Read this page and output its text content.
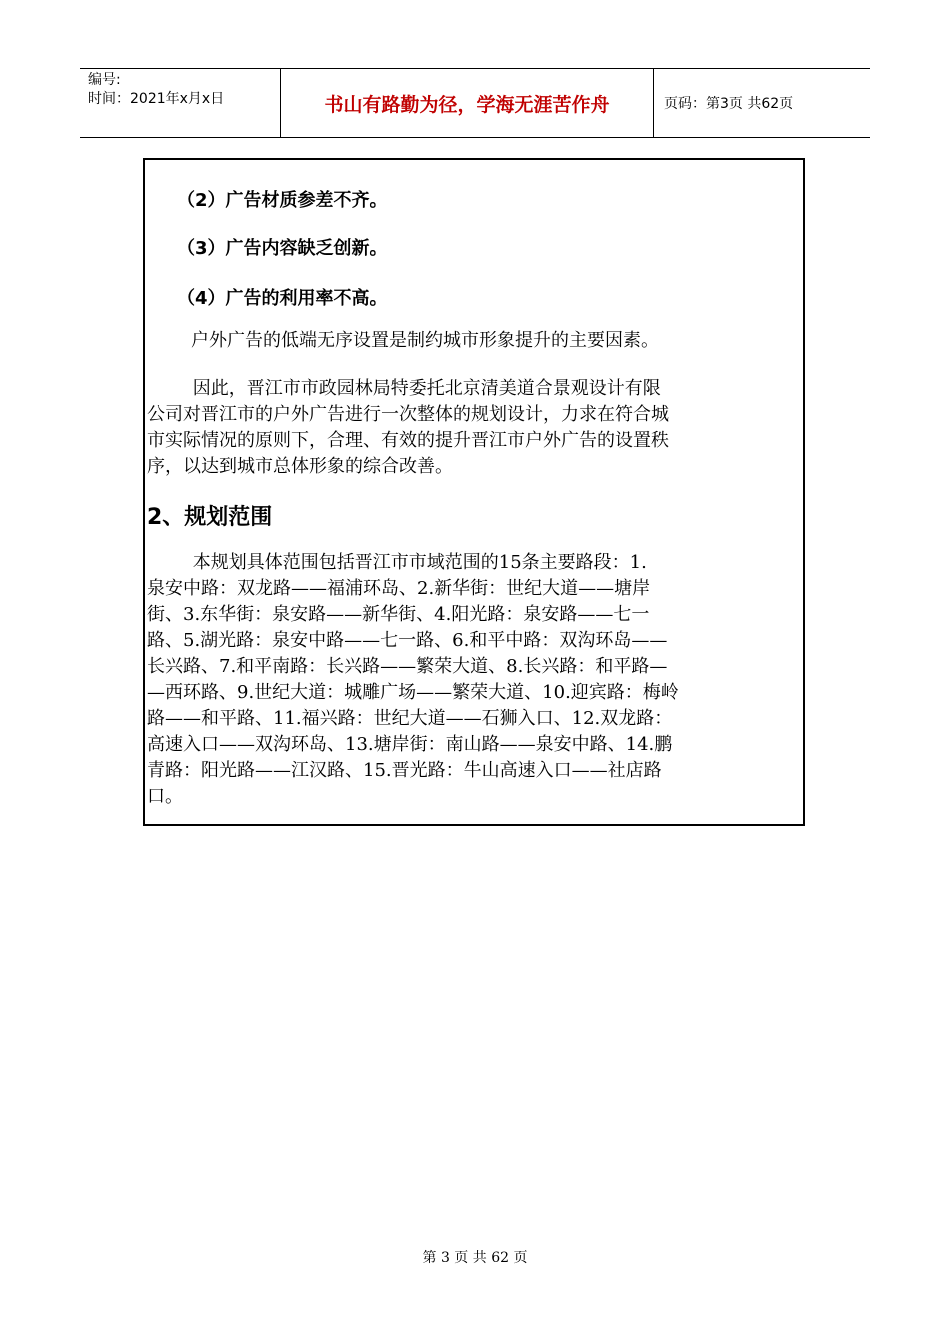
编号:
时间：2021年x月x日	书山有路勤为径，学海无涯苦作舟	页码：第3页 共62页
（2）广告材质参差不齐。
（3）广告内容缺乏创新。
（4）广告的利用率不高。
户外广告的低端无序设置是制约城市形象提升的主要因素。
因此，晋江市市政园林局特委托北京清美道合景观设计有限
公司对晋江市的户外广告进行一次整体的规划设计，力求在符合城
市实际情况的原则下，合理、有效的提升晋江市户外广告的设置秩
序，以达到城市总体形象的综合改善。
2、规划范围
本规划具体范围包括晋江市市域范围的15条主要路段：1.
泉安中路：双龙路——福浦环岛、2.新华街：世纪大道——塘岸
街、3.东华街：泉安路——新华街、4.阳光路：泉安路——七一
路、5.湖光路：泉安中路——七一路、6.和平中路：双沟环岛——
长兴路、7.和平南路：长兴路——繁荣大道、8.长兴路：和平路—
—西环路、9.世纪大道：城雕广场——繁荣大道、10.迎宾路：梅岭
路——和平路、11.福兴路：世纪大道——石狮入口、12.双龙路：
高速入口——双沟环岛、13.塘岸街：南山路——泉安中路、14.鹏
青路：阳光路——江汉路、15.晋光路：牛山高速入口——社店路
口。
第 3 页 共 62 页
